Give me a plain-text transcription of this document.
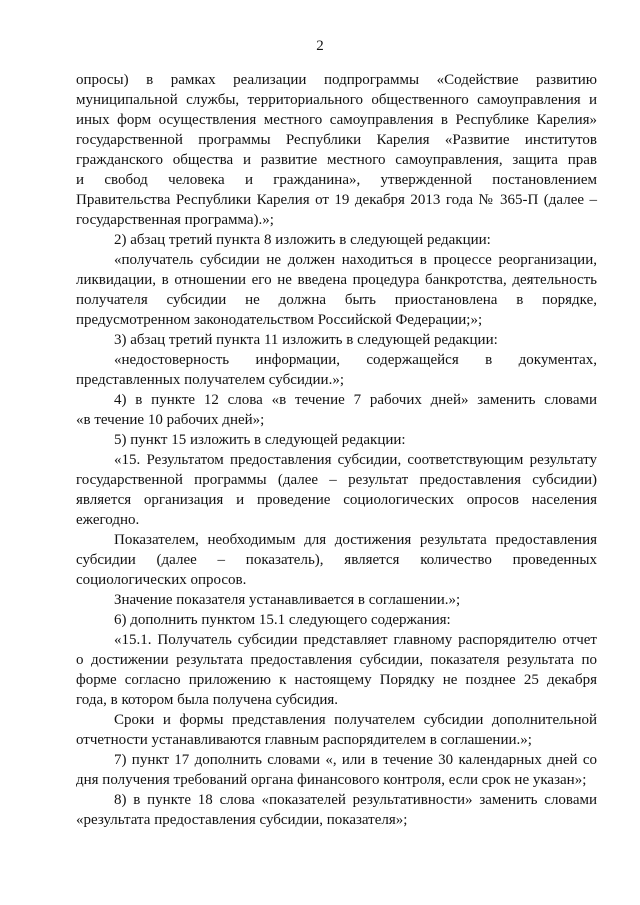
2
опросы) в рамках реализации подпрограммы «Содействие развитию
муниципальной службы, территориального общественного самоуправления и
иных форм осуществления местного самоуправления в Республике Карелия»
государственной программы Республики Карелия «Развитие институтов
гражданского общества и развитие местного самоуправления, защита прав
и свобод человека и гражданина», утвержденной постановлением
Правительства Республики Карелия от 19 декабря 2013 года № 365-П (далее –
государственная программа).»;
2) абзац третий пункта 8 изложить в следующей редакции:
«получатель субсидии не должен находиться в процессе реорганизации,
ликвидации, в отношении его не введена процедура банкротства, деятельность
получателя субсидии не должна быть приостановлена в порядке,
предусмотренном законодательством Российской Федерации;»;
3) абзац третий пункта 11 изложить в следующей редакции:
«недостоверность информации, содержащейся в документах,
представленных получателем субсидии.»;
4) в пункте 12 слова «в течение 7 рабочих дней» заменить словами
«в течение 10 рабочих дней»;
5) пункт 15 изложить в следующей редакции:
«15. Результатом предоставления субсидии, соответствующим результату
государственной программы (далее – результат предоставления субсидии)
является организация и проведение социологических опросов населения
ежегодно.
Показателем, необходимым для достижения результата предоставления
субсидии (далее – показатель), является количество проведенных
социологических опросов.
Значение показателя устанавливается в соглашении.»;
6) дополнить пунктом 15.1 следующего содержания:
«15.1. Получатель субсидии представляет главному распорядителю отчет
о достижении результата предоставления субсидии, показателя результата по
форме согласно приложению к настоящему Порядку не позднее 25 декабря
года, в котором была получена субсидия.
Сроки и формы представления получателем субсидии дополнительной
отчетности устанавливаются главным распорядителем в соглашении.»;
7) пункт 17 дополнить словами «, или в течение 30 календарных дней со
дня получения требований органа финансового контроля, если срок не указан»;
8) в пункте 18 слова «показателей результативности» заменить словами
«результата предоставления субсидии, показателя»;
